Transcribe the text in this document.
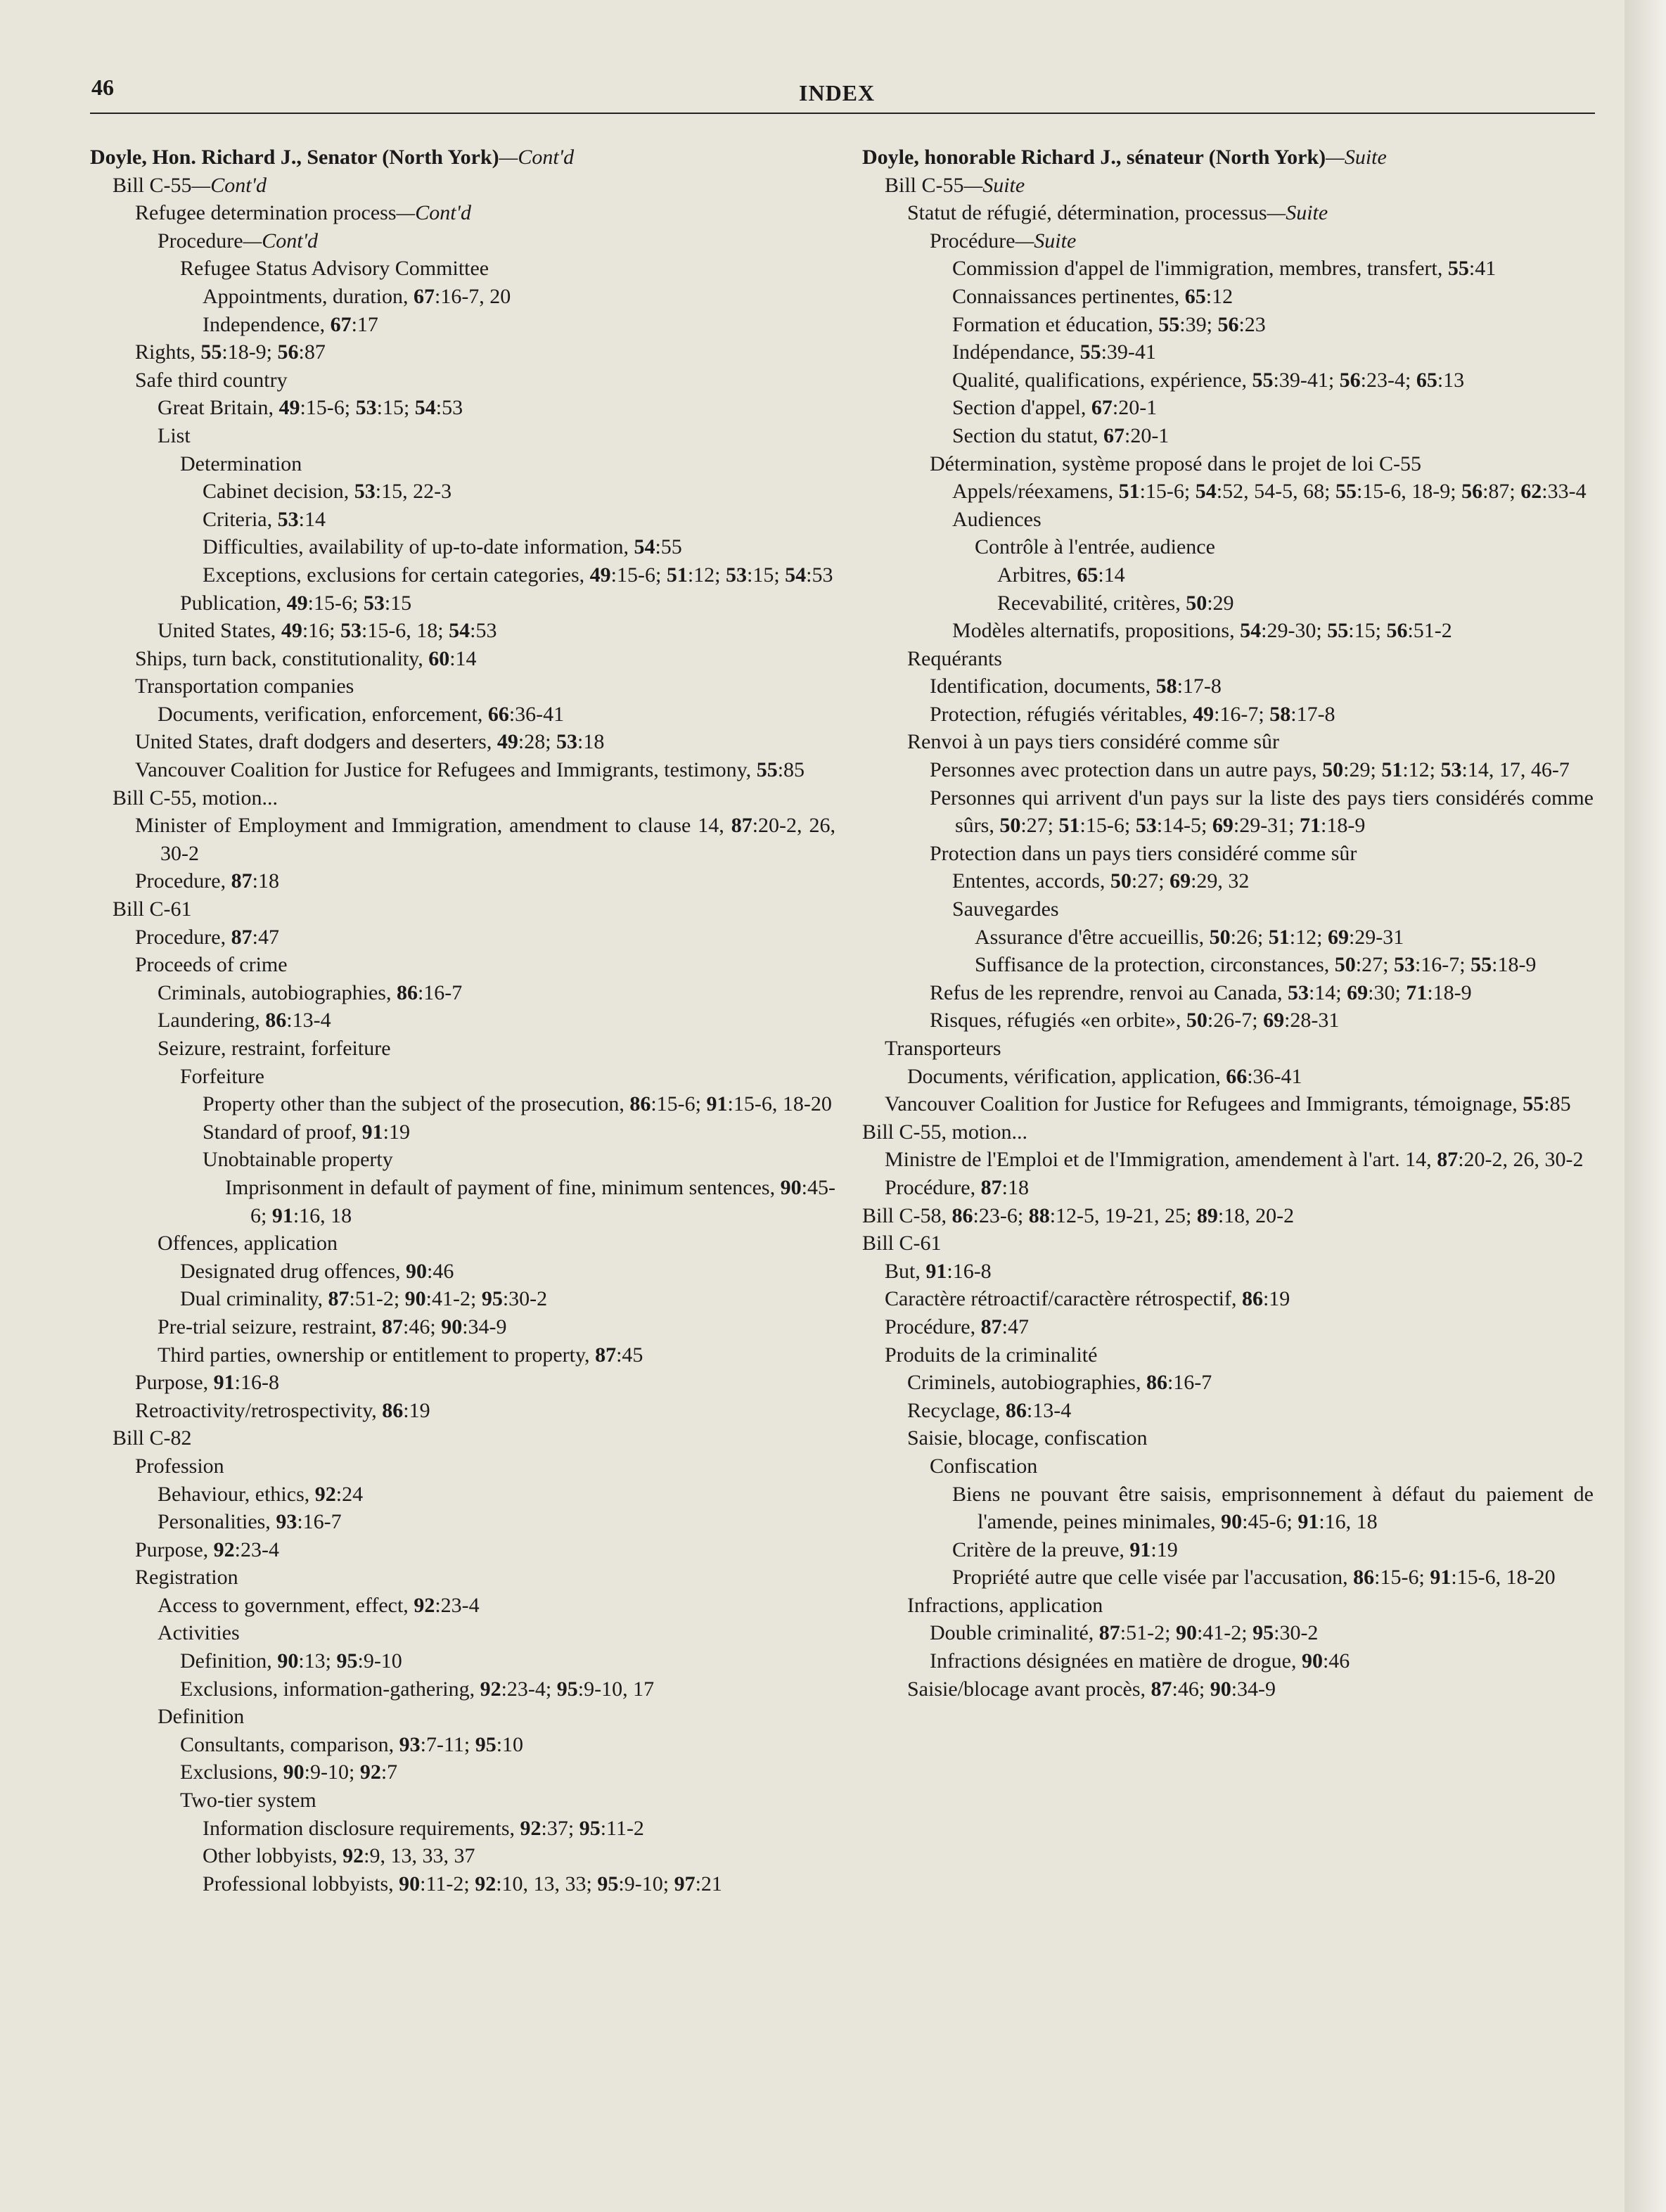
46	INDEX
Doyle, Hon. Richard J., Senator (North York)—Cont'd
Bill C-55—Cont'd
Refugee determination process—Cont'd
Procedure—Cont'd
Refugee Status Advisory Committee
Appointments, duration, 67:16-7, 20
Independence, 67:17
Rights, 55:18-9; 56:87
Safe third country
Great Britain, 49:15-6; 53:15; 54:53
List
Determination
Cabinet decision, 53:15, 22-3
Criteria, 53:14
Difficulties, availability of up-to-date information, 54:55
Exceptions, exclusions for certain categories, 49:15-6; 51:12; 53:15; 54:53
Publication, 49:15-6; 53:15
United States, 49:16; 53:15-6, 18; 54:53
Ships, turn back, constitutionality, 60:14
Transportation companies
Documents, verification, enforcement, 66:36-41
United States, draft dodgers and deserters, 49:28; 53:18
Vancouver Coalition for Justice for Refugees and Immigrants, testimony, 55:85
Bill C-55, motion...
Minister of Employment and Immigration, amendment to clause 14, 87:20-2, 26, 30-2
Procedure, 87:18
Bill C-61
Procedure, 87:47
Proceeds of crime
Criminals, autobiographies, 86:16-7
Laundering, 86:13-4
Seizure, restraint, forfeiture
Forfeiture
Property other than the subject of the prosecution, 86:15-6; 91:15-6, 18-20
Standard of proof, 91:19
Unobtainable property
Imprisonment in default of payment of fine, minimum sentences, 90:45-6; 91:16, 18
Offences, application
Designated drug offences, 90:46
Dual criminality, 87:51-2; 90:41-2; 95:30-2
Pre-trial seizure, restraint, 87:46; 90:34-9
Third parties, ownership or entitlement to property, 87:45
Purpose, 91:16-8
Retroactivity/retrospectivity, 86:19
Bill C-82
Profession
Behaviour, ethics, 92:24
Personalities, 93:16-7
Purpose, 92:23-4
Registration
Access to government, effect, 92:23-4
Activities
Definition, 90:13; 95:9-10
Exclusions, information-gathering, 92:23-4; 95:9-10, 17
Definition
Consultants, comparison, 93:7-11; 95:10
Exclusions, 90:9-10; 92:7
Two-tier system
Information disclosure requirements, 92:37; 95:11-2
Other lobbyists, 92:9, 13, 33, 37
Professional lobbyists, 90:11-2; 92:10, 13, 33; 95:9-10; 97:21
Doyle, honorable Richard J., sénateur (North York)—Suite
Bill C-55—Suite
Statut de réfugié, détermination, processus—Suite
Procédure—Suite
Commission d'appel de l'immigration, membres, transfert, 55:41
Connaissances pertinentes, 65:12
Formation et éducation, 55:39; 56:23
Indépendance, 55:39-41
Qualité, qualifications, expérience, 55:39-41; 56:23-4; 65:13
Section d'appel, 67:20-1
Section du statut, 67:20-1
Détermination, système proposé dans le projet de loi C-55
Appels/réexamens, 51:15-6; 54:52, 54-5, 68; 55:15-6, 18-9; 56:87; 62:33-4
Audiences
Contrôle à l'entrée, audience
Arbitres, 65:14
Recevabilité, critères, 50:29
Modèles alternatifs, propositions, 54:29-30; 55:15; 56:51-2
Requérants
Identification, documents, 58:17-8
Protection, réfugiés véritables, 49:16-7; 58:17-8
Renvoi à un pays tiers considéré comme sûr
Personnes avec protection dans un autre pays, 50:29; 51:12; 53:14, 17, 46-7
Personnes qui arrivent d'un pays sur la liste des pays tiers considérés comme sûrs, 50:27; 51:15-6; 53:14-5; 69:29-31; 71:18-9
Protection dans un pays tiers considéré comme sûr
Ententes, accords, 50:27; 69:29, 32
Sauvegardes
Assurance d'être accueillis, 50:26; 51:12; 69:29-31
Suffisance de la protection, circonstances, 50:27; 53:16-7; 55:18-9
Refus de les reprendre, renvoi au Canada, 53:14; 69:30; 71:18-9
Risques, réfugiés «en orbite», 50:26-7; 69:28-31
Transporteurs
Documents, vérification, application, 66:36-41
Vancouver Coalition for Justice for Refugees and Immigrants, témoignage, 55:85
Bill C-55, motion...
Ministre de l'Emploi et de l'Immigration, amendement à l'art. 14, 87:20-2, 26, 30-2
Procédure, 87:18
Bill C-58, 86:23-6; 88:12-5, 19-21, 25; 89:18, 20-2
Bill C-61
But, 91:16-8
Caractère rétroactif/caractère rétrospectif, 86:19
Procédure, 87:47
Produits de la criminalité
Criminels, autobiographies, 86:16-7
Recyclage, 86:13-4
Saisie, blocage, confiscation
Confiscation
Biens ne pouvant être saisis, emprisonnement à défaut du paiement de l'amende, peines minimales, 90:45-6; 91:16, 18
Critère de la preuve, 91:19
Propriété autre que celle visée par l'accusation, 86:15-6; 91:15-6, 18-20
Infractions, application
Double criminalité, 87:51-2; 90:41-2; 95:30-2
Infractions désignées en matière de drogue, 90:46
Saisie/blocage avant procès, 87:46; 90:34-9
